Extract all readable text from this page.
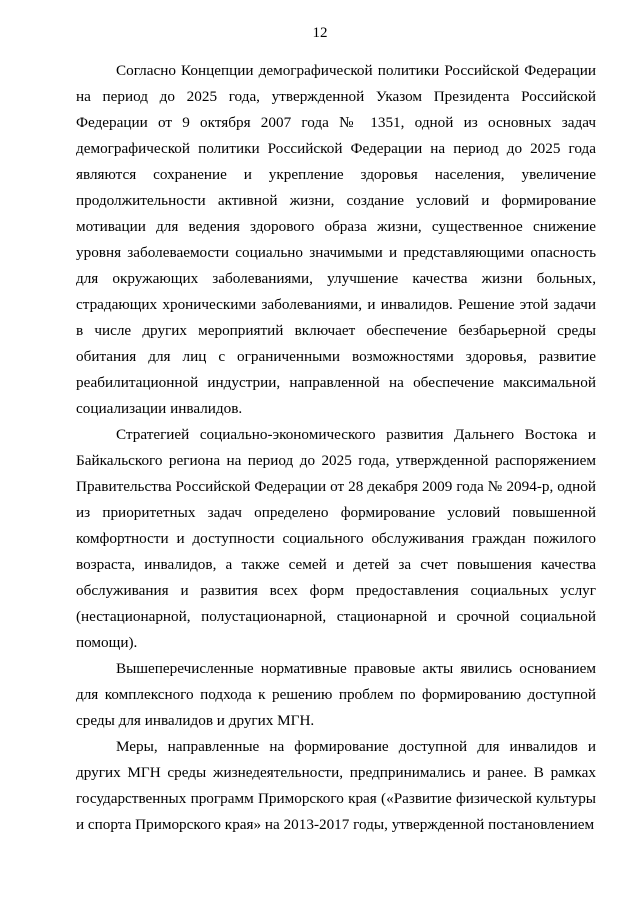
12

Согласно Концепции демографической политики Российской Федерации на период до 2025 года, утвержденной Указом Президента Российской Федерации от 9 октября 2007 года № 1351, одной из основных задач демографической политики Российской Федерации на период до 2025 года являются сохранение и укрепление здоровья населения, увеличение продолжительности активной жизни, создание условий и формирование мотивации для ведения здорового образа жизни, существенное снижение уровня заболеваемости социально значимыми и представляющими опасность для окружающих заболеваниями, улучшение качества жизни больных, страдающих хроническими заболеваниями, и инвалидов. Решение этой задачи в числе других мероприятий включает обеспечение безбарьерной среды обитания для лиц с ограниченными возможностями здоровья, развитие реабилитационной индустрии, направленной на обеспечение максимальной социализации инвалидов.

Стратегией социально-экономического развития Дальнего Востока и Байкальского региона на период до 2025 года, утвержденной распоряжением Правительства Российской Федерации от 28 декабря 2009 года № 2094-р, одной из приоритетных задач определено формирование условий повышенной комфортности и доступности социального обслуживания граждан пожилого возраста, инвалидов, а также семей и детей за счет повышения качества обслуживания и развития всех форм предоставления социальных услуг (нестационарной, полустационарной, стационарной и срочной социальной помощи).

Вышеперечисленные нормативные правовые акты явились основанием для комплексного подхода к решению проблем по формированию доступной среды для инвалидов и других МГН.

Меры, направленные на формирование доступной для инвалидов и других МГН среды жизнедеятельности, предпринимались и ранее. В рамках государственных программ Приморского края («Развитие физической культуры и спорта Приморского края» на 2013-2017 годы, утвержденной постановлением
